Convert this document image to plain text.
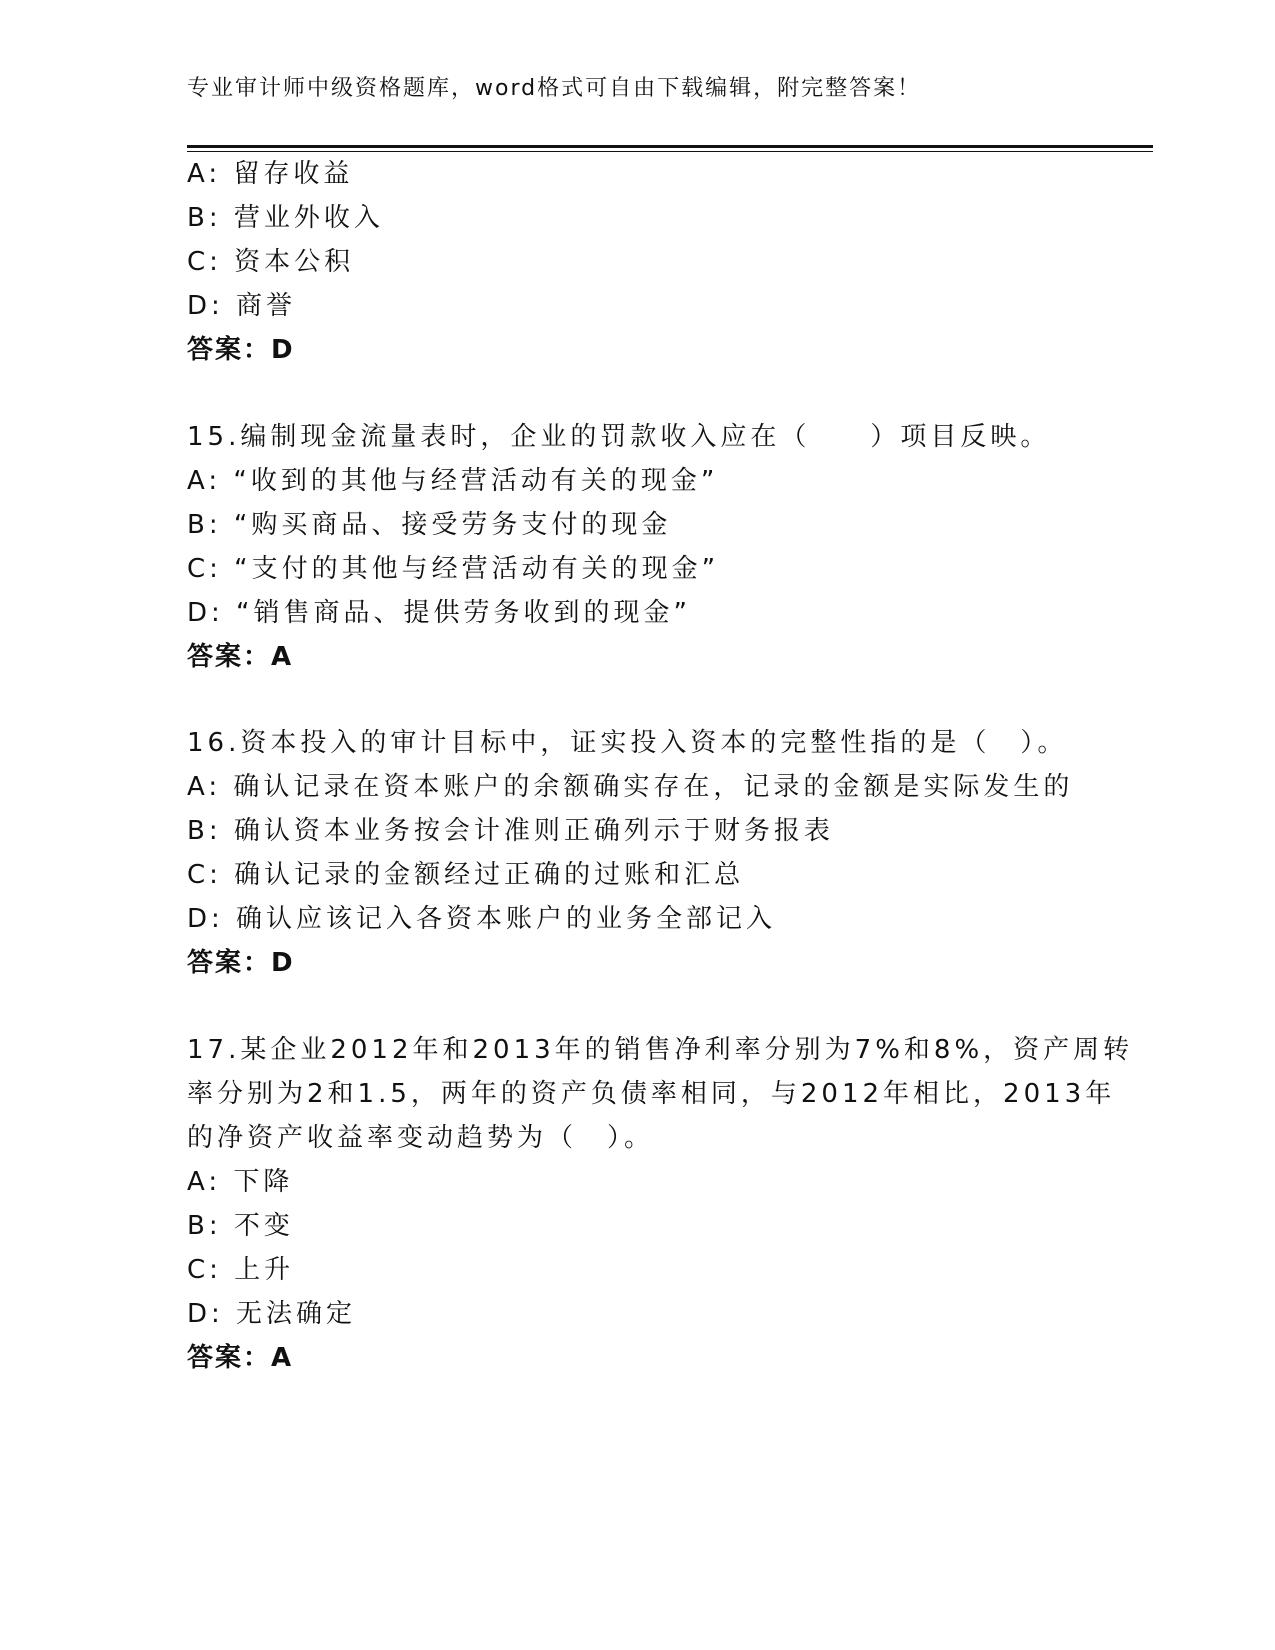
专业审计师中级资格题库，word格式可自由下载编辑，附完整答案！
A: 留存收益
B: 营业外收入
C: 资本公积
D: 商誉
答案：D
15.编制现金流量表时，企业的罚款收入应在（　　）项目反映。
A: “收到的其他与经营活动有关的现金”
B: “购买商品、接受劳务支付的现金
C: “支付的其他与经营活动有关的现金”
D: “销售商品、提供劳务收到的现金”
答案：A
16.资本投入的审计目标中，证实投入资本的完整性指的是（　）。
A: 确认记录在资本账户的余额确实存在，记录的金额是实际发生的
B: 确认资本业务按会计准则正确列示于财务报表
C: 确认记录的金额经过正确的过账和汇总
D: 确认应该记入各资本账户的业务全部记入
答案：D
17.某企业2012年和2013年的销售净利率分别为7%和8%，资产周转
率分别为2和1.5，两年的资产负债率相同，与2012年相比，2013年
的净资产收益率变动趋势为（　）。
A: 下降
B: 不变
C: 上升
D: 无法确定
答案：A
